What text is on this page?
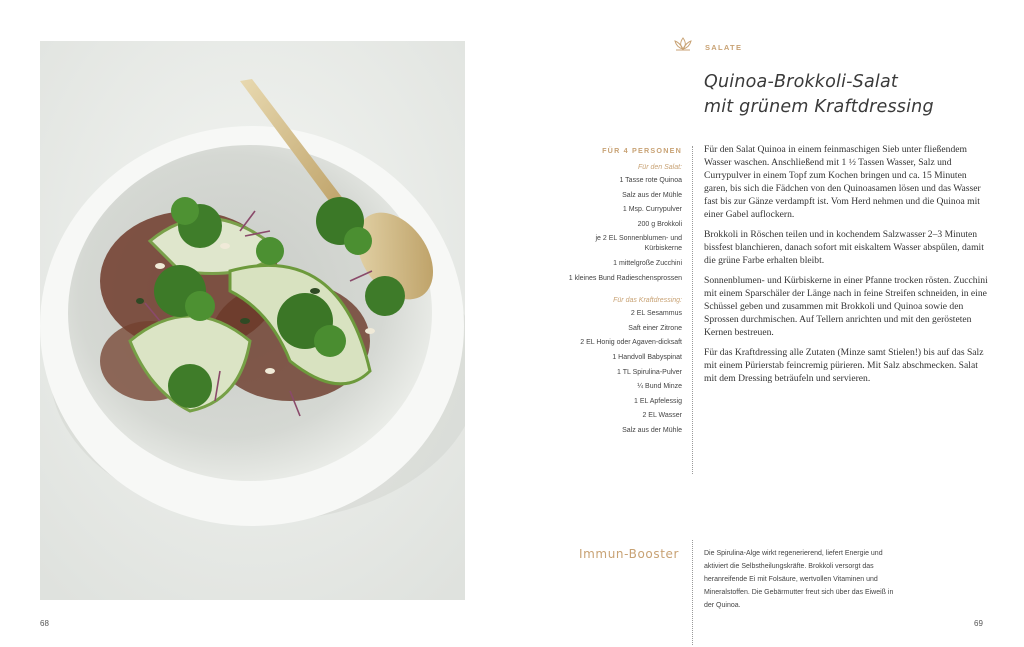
68	69
SALATE
Quinoa-Brokkoli-Salat
mit grünem Kraftdressing
FÜR 4 PERSONEN
Für den Salat:
1 Tasse rote Quinoa
Salz aus der Mühle
1 Msp. Currypulver
200 g Brokkoli
je 2 EL Sonnenblumen- und Kürbiskerne
1 mittelgroße Zucchini
1 kleines Bund Radieschensprossen
Für das Kraftdressing:
2 EL Sesammus
Saft einer Zitrone
2 EL Honig oder Agaven-dicksaft
1 Handvoll Babyspinat
1 TL Spirulina-Pulver
¼ Bund Minze
1 EL Apfelessig
2 EL Wasser
Salz aus der Mühle

Für den Salat Quinoa in einem feinmaschigen Sieb unter fließendem Wasser waschen. Anschließend mit 1 ½ Tassen Wasser, Salz und Currypulver in einem Topf zum Kochen bringen und ca. 15 Minuten garen, bis sich die Fädchen von den Quinoasamen lösen und das Wasser fast bis zur Gänze verdampft ist. Vom Herd nehmen und die Quinoa mit einer Gabel auflockern.

Brokkoli in Röschen teilen und in kochendem Salzwasser 2–3 Minuten bissfest blanchieren, danach sofort mit eiskaltem Wasser abspülen, damit die grüne Farbe erhalten bleibt.

Sonnenblumen- und Kürbiskerne in einer Pfanne trocken rösten. Zucchini mit einem Sparschäler der Länge nach in feine Streifen schneiden, in eine Schüssel geben und zusammen mit Brokkoli und Quinoa sowie den Sprossen durchmischen. Auf Tellern anrichten und mit den gerösteten Kernen bestreuen.

Für das Kraftdressing alle Zutaten (Minze samt Stielen!) bis auf das Salz mit einem Pürierstab feincremig pürieren. Mit Salz abschmecken. Salat mit dem Dressing beträufeln und servieren.

Immun-Booster	Die Spirulina-Alge wirkt regenerierend, liefert Energie und aktiviert die Selbstheilungskräfte. Brokkoli versorgt das heranreifende Ei mit Folsäure, wertvollen Vitaminen und Mineralstoffen. Die Gebärmutter freut sich über das Eiweiß in der Quinoa.
